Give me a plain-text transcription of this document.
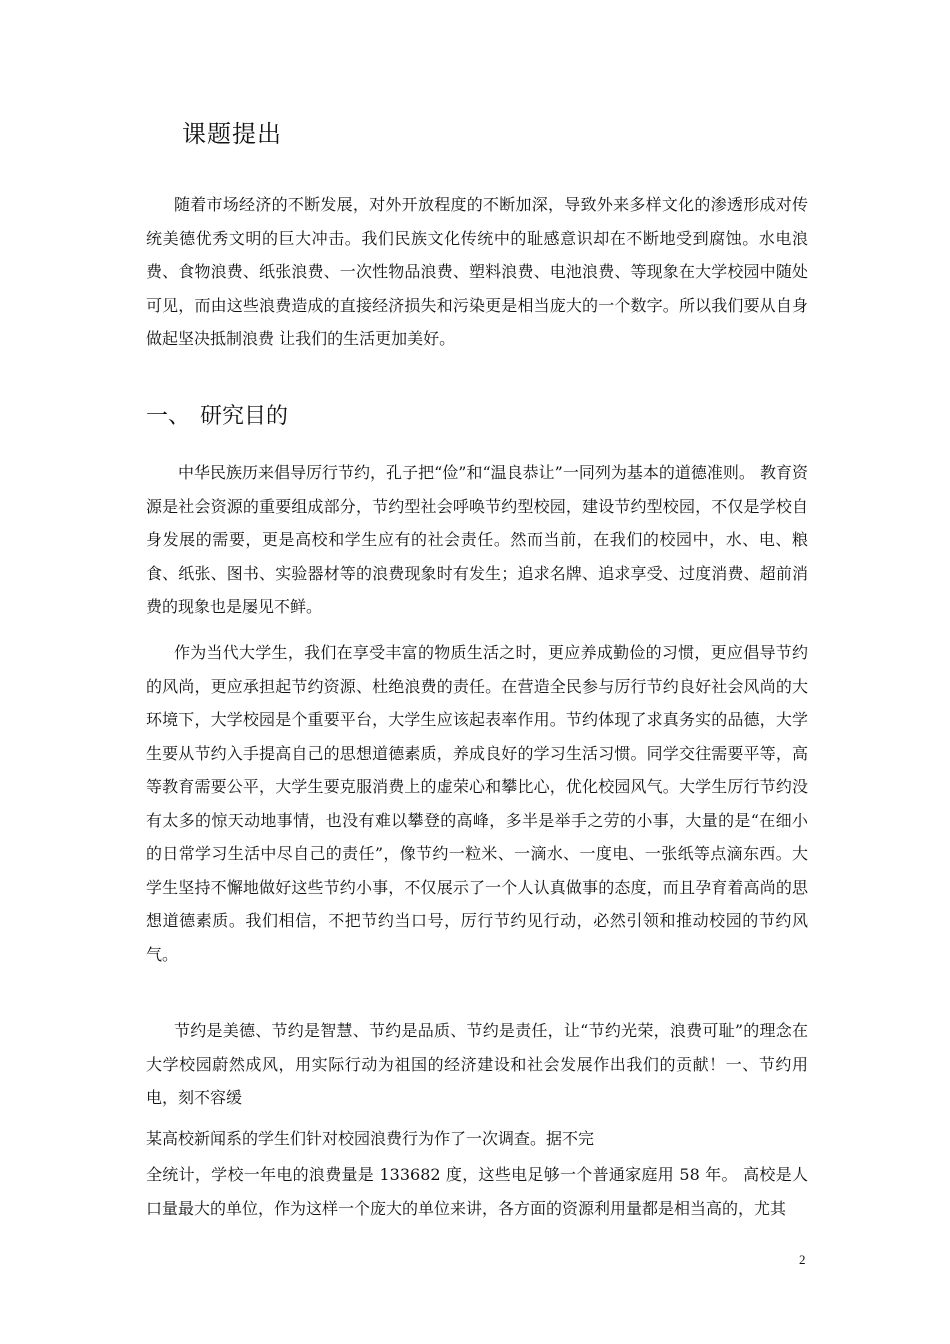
课题提出
随着市场经济的不断发展，对外开放程度的不断加深，导致外来多样文化的渗透形成对传统美德优秀文明的巨大冲击。我们民族文化传统中的耻感意识却在不断地受到腐蚀。水电浪费、食物浪费、纸张浪费、一次性物品浪费、塑料浪费、电池浪费、等现象在大学校园中随处可见，而由这些浪费造成的直接经济损失和污染更是相当庞大的一个数字。所以我们要从自身做起坚决抵制浪费 让我们的生活更加美好。
一、 研究目的
中华民族历来倡导厉行节约，孔子把“俭”和“温良恭让”一同列为基本的道德准则。 教育资源是社会资源的重要组成部分，节约型社会呼唤节约型校园，建设节约型校园，不仅是学校自身发展的需要，更是高校和学生应有的社会责任。然而当前，在我们的校园中，水、电、粮食、纸张、图书、实验器材等的浪费现象时有发生；追求名牌、追求享受、过度消费、超前消费的现象也是屡见不鲜。
作为当代大学生，我们在享受丰富的物质生活之时，更应养成勤俭的习惯，更应倡导节约的风尚，更应承担起节约资源、杜绝浪费的责任。在营造全民参与厉行节约良好社会风尚的大环境下，大学校园是个重要平台，大学生应该起表率作用。节约体现了求真务实的品德，大学生要从节约入手提高自己的思想道德素质，养成良好的学习生活习惯。同学交往需要平等，高等教育需要公平，大学生要克服消费上的虚荣心和攀比心，优化校园风气。大学生厉行节约没有太多的惊天动地事情，也没有难以攀登的高峰，多半是举手之劳的小事，大量的是“在细小的日常学习生活中尽自己的责任”，像节约一粒米、一滴水、一度电、一张纸等点滴东西。大学生坚持不懈地做好这些节约小事，不仅展示了一个人认真做事的态度，而且孕育着高尚的思想道德素质。我们相信，不把节约当口号，厉行节约见行动，必然引领和推动校园的节约风气。
节约是美德、节约是智慧、节约是品质、节约是责任，让“节约光荣，浪费可耻”的理念在大学校园蔚然成风，用实际行动为祖国的经济建设和社会发展作出我们的贡献！一、节约用电，刻不容缓
某高校新闻系的学生们针对校园浪费行为作了一次调查。据不完
全统计，学校一年电的浪费量是 133682 度，这些电足够一个普通家庭用 58 年。 高校是人口量最大的单位，作为这样一个庞大的单位来讲，各方面的资源利用量都是相当高的，尤其
2
